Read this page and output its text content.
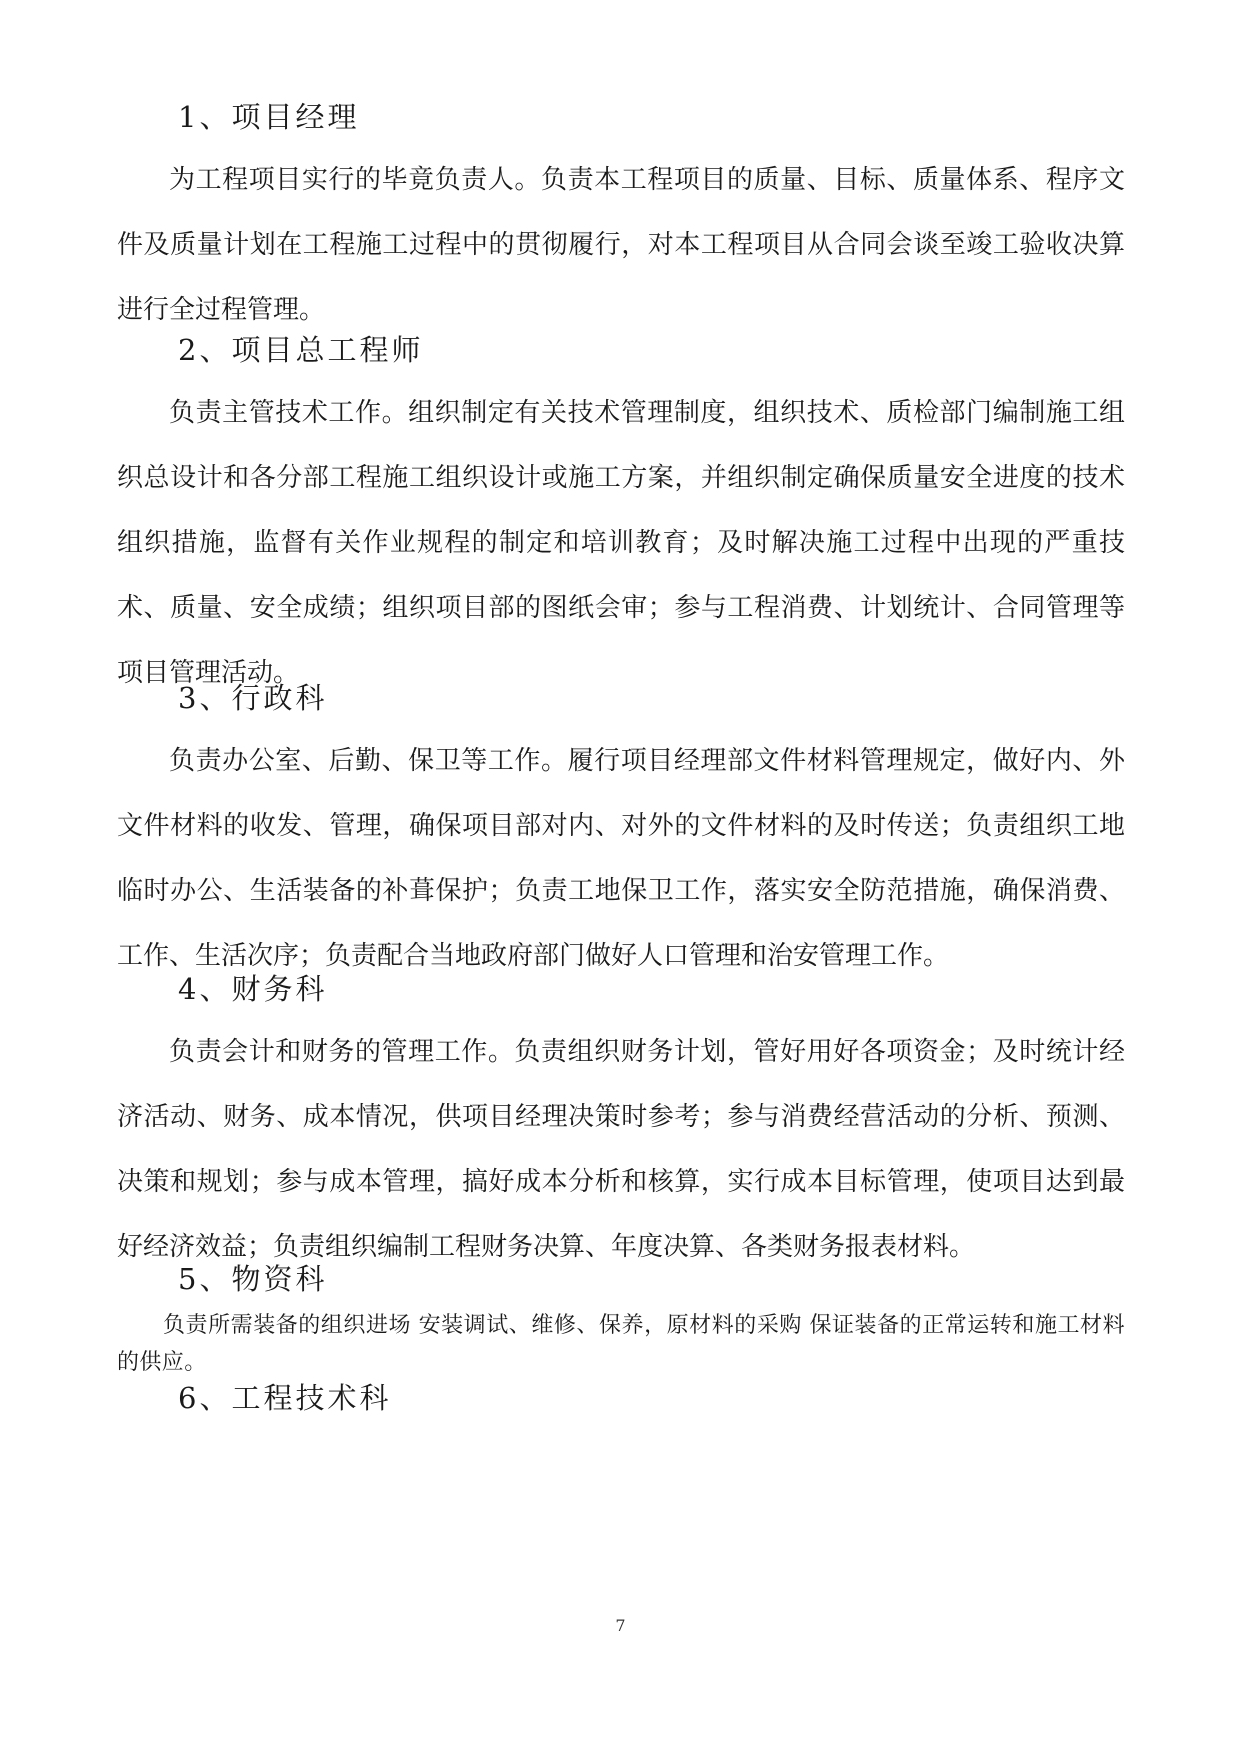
1、项目经理

为工程项目实行的毕竟负责人。负责本工程项目的质量、目标、质量体系、程序文件及质量计划在工程施工过程中的贯彻履行，对本工程项目从合同会谈至竣工验收决算进行全过程管理。

2、项目总工程师

负责主管技术工作。组织制定有关技术管理制度，组织技术、质检部门编制施工组织总设计和各分部工程施工组织设计或施工方案，并组织制定确保质量安全进度的技术组织措施，监督有关作业规程的制定和培训教育；及时解决施工过程中出现的严重技术、质量、安全成绩；组织项目部的图纸会审；参与工程消费、计划统计、合同管理等项目管理活动。

3、行政科

负责办公室、后勤、保卫等工作。履行项目经理部文件材料管理规定，做好内、外文件材料的收发、管理，确保项目部对内、对外的文件材料的及时传送；负责组织工地临时办公、生活装备的补葺保护；负责工地保卫工作，落实安全防范措施，确保消费、工作、生活次序；负责配合当地政府部门做好人口管理和治安管理工作。

4、财务科

负责会计和财务的管理工作。负责组织财务计划，管好用好各项资金；及时统计经济活动、财务、成本情况，供项目经理决策时参考；参与消费经营活动的分析、预测、决策和规划；参与成本管理，搞好成本分析和核算，实行成本目标管理，使项目达到最好经济效益；负责组织编制工程财务决算、年度决算、各类财务报表材料。

5、物资科

负责所需装备的组织进场 安装调试、维修、保养，原材料的采购 保证装备的正常运转和施工材料的供应。

6、工程技术科
7
